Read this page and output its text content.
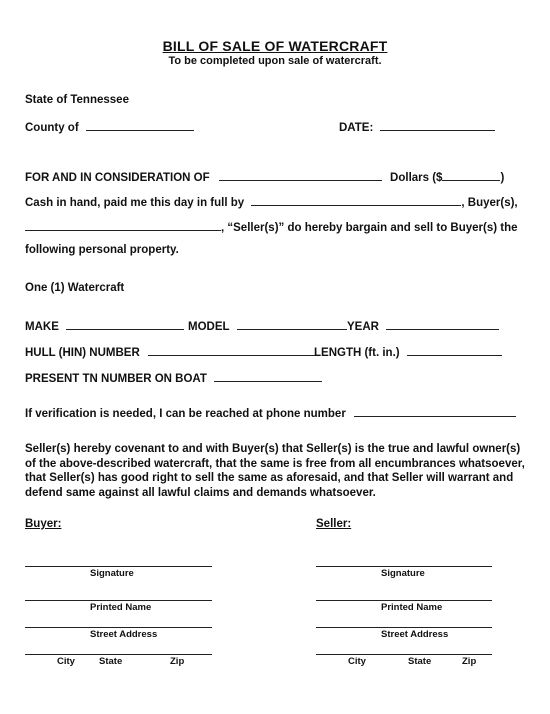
BILL OF SALE OF WATERCRAFT
To be completed upon sale of watercraft.
State of Tennessee
County of	DATE:
FOR AND IN CONSIDERATION OF	Dollars ($	)
Cash in hand, paid me this day in full by	, Buyer(s),
, “Seller(s)” do hereby bargain and sell to Buyer(s) the
following personal property.
One (1) Watercraft
MAKE	MODEL	YEAR
HULL (HIN) NUMBER	LENGTH (ft. in.)
PRESENT TN NUMBER ON BOAT
If verification is needed, I can be reached at phone number
Seller(s) hereby covenant to and with Buyer(s) that Seller(s) is the true and lawful owner(s) of the above-described watercraft, that the same is free from all encumbrances whatsoever, that Seller(s) has good right to sell the same as aforesaid, and that Seller will warrant and defend same against all lawful claims and demands whatsoever.
Buyer:
Signature
Printed Name
Street Address
City	State	Zip
Seller:
Signature
Printed Name
Street Address
City	State	Zip
